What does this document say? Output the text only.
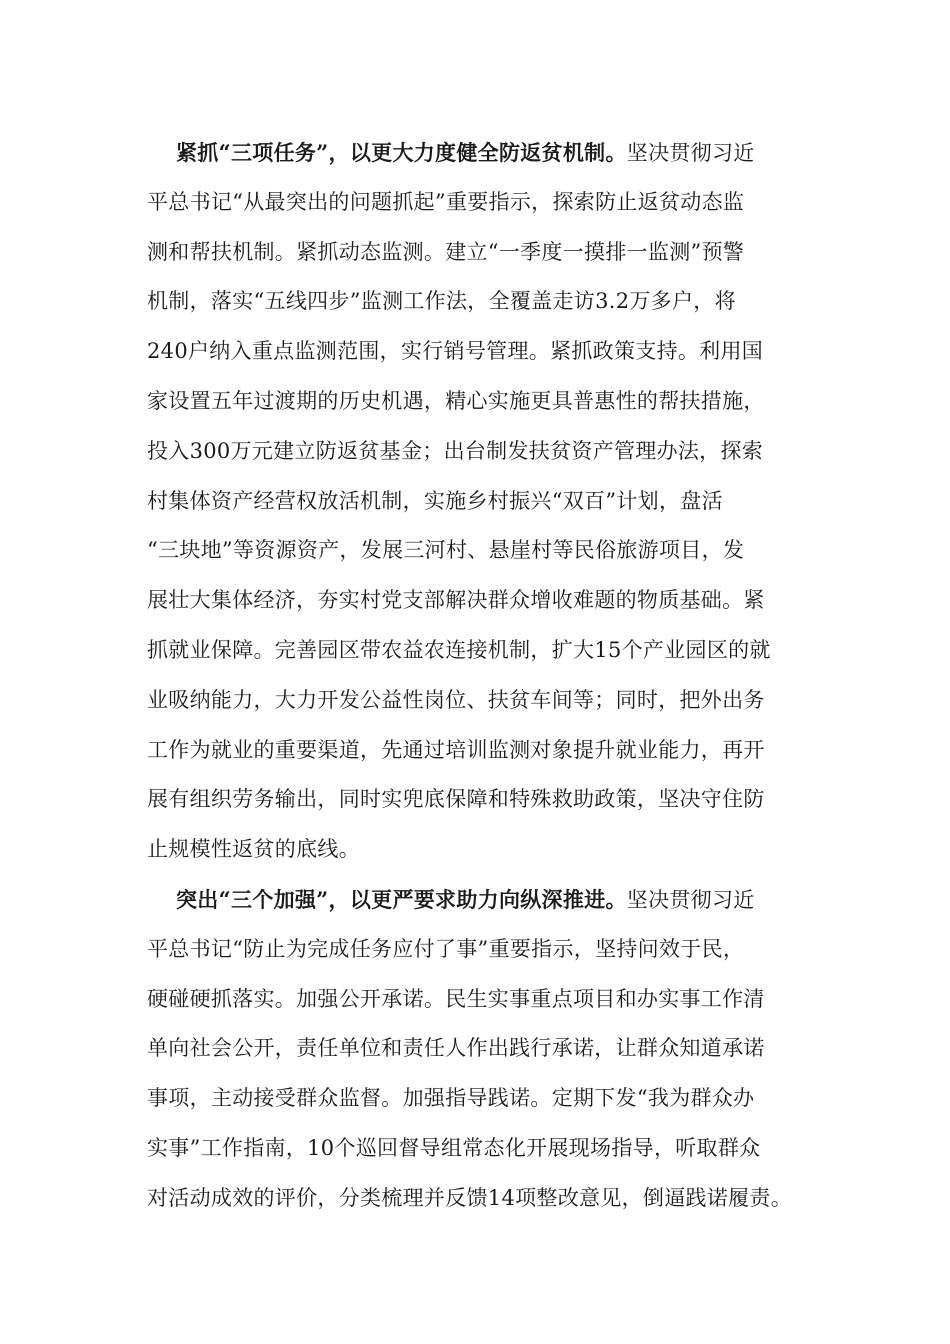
紧抓“三项任务”，以更大力度健全防返贫机制。坚决贯彻习近
平总书记“从最突出的问题抓起”重要指示，探索防止返贫动态监
测和帮扶机制。紧抓动态监测。建立“一季度一摸排一监测”预警
机制，落实“五线四步”监测工作法，全覆盖走访3.2万多户，将
240户纳入重点监测范围，实行销号管理。紧抓政策支持。利用国
家设置五年过渡期的历史机遇，精心实施更具普惠性的帮扶措施，
投入300万元建立防返贫基金；出台制发扶贫资产管理办法，探索
村集体资产经营权放活机制，实施乡村振兴“双百”计划，盘活
“三块地”等资源资产，发展三河村、悬崖村等民俗旅游项目，发
展壮大集体经济，夯实村党支部解决群众增收难题的物质基础。紧
抓就业保障。完善园区带农益农连接机制，扩大15个产业园区的就
业吸纳能力，大力开发公益性岗位、扶贫车间等；同时，把外出务
工作为就业的重要渠道，先通过培训监测对象提升就业能力，再开
展有组织劳务输出，同时实兜底保障和特殊救助政策，坚决守住防
止规模性返贫的底线。
突出“三个加强”，以更严要求助力向纵深推进。坚决贯彻习近
平总书记“防止为完成任务应付了事”重要指示，坚持问效于民，
硬碰硬抓落实。加强公开承诺。民生实事重点项目和办实事工作清
单向社会公开，责任单位和责任人作出践行承诺，让群众知道承诺
事项，主动接受群众监督。加强指导践诺。定期下发“我为群众办
实事”工作指南，10个巡回督导组常态化开展现场指导，听取群众
对活动成效的评价，分类梳理并反馈14项整改意见，倒逼践诺履责。
